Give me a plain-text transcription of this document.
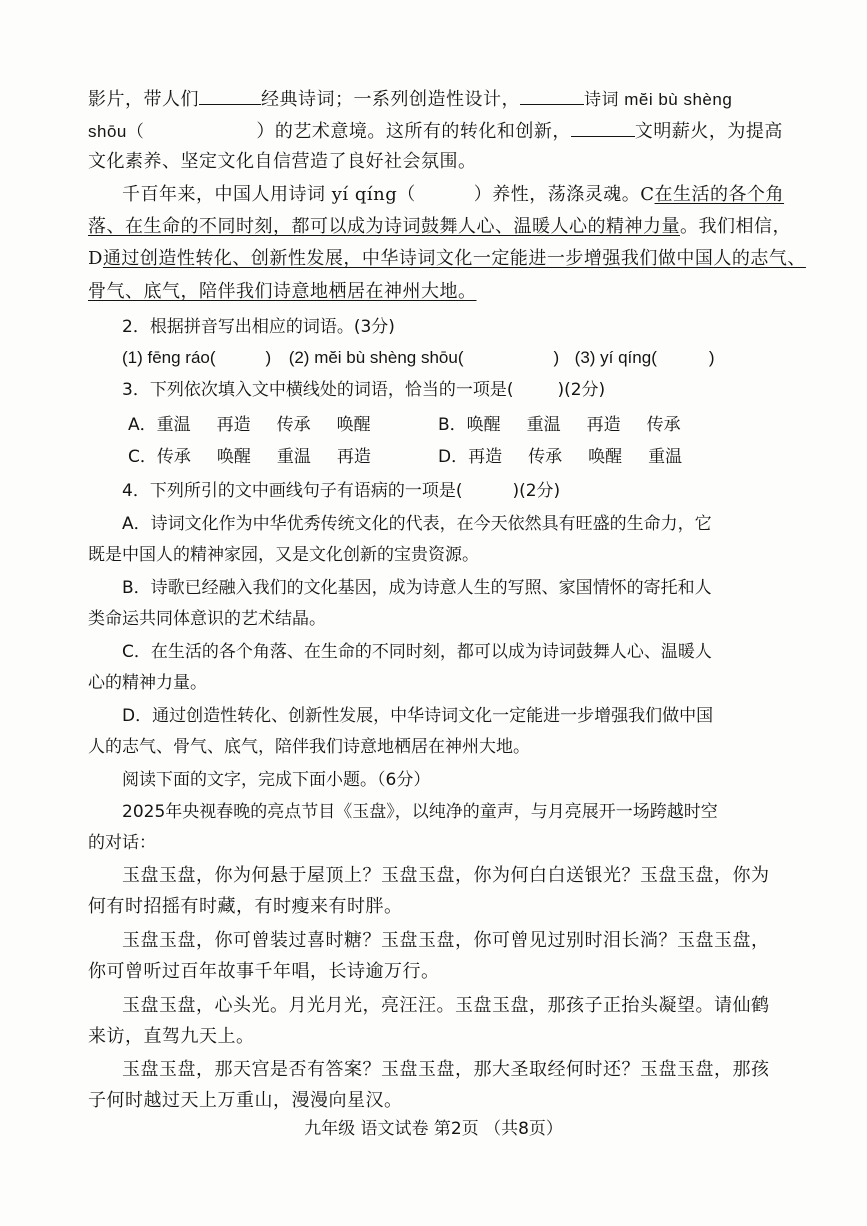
影片，带人们	经典诗词；一系列创造性设计，	诗词 mĕi bù shèng
shōu（	）的艺术意境。这所有的转化和创新，	文明薪火，为提高
文化素养、坚定文化自信营造了良好社会氛围。
千百年来，中国人用诗词 yí qíng（	）养性，荡涤灵魂。C在生活的各个角
落、在生命的不同时刻，都可以成为诗词鼓舞人心、温暖人心的精神力量。我们相信，
D通过创造性转化、创新性发展，中华诗词文化一定能进一步增强我们做中国人的志气、
骨气、底气，陪伴我们诗意地栖居在神州大地。
2．根据拼音写出相应的词语。(3分)
(1) fēng ráo(	) (2) mĕi bù shèng shōu(	) (3) yí qíng(	)
3．下列依次填入文中横线处的词语，恰当的一项是(	)(2分)
A．重温 再造 传承 唤醒	B．唤醒 重温 再造 传承
C．传承 唤醒 重温 再造	D．再造 传承 唤醒 重温
4．下列所引的文中画线句子有语病的一项是(	)(2分)
A．诗词文化作为中华优秀传统文化的代表，在今天依然具有旺盛的生命力，它
既是中国人的精神家园，又是文化创新的宝贵资源。
B．诗歌已经融入我们的文化基因，成为诗意人生的写照、家国情怀的寄托和人
类命运共同体意识的艺术结晶。
C．在生活的各个角落、在生命的不同时刻，都可以成为诗词鼓舞人心、温暖人
心的精神力量。
D．通过创造性转化、创新性发展，中华诗词文化一定能进一步增强我们做中国
人的志气、骨气、底气，陪伴我们诗意地栖居在神州大地。
阅读下面的文字，完成下面小题。（6分）
2025年央视春晚的亮点节目《玉盘》，以纯净的童声，与月亮展开一场跨越时空
的对话：
玉盘玉盘，你为何悬于屋顶上？玉盘玉盘，你为何白白送银光？玉盘玉盘，你为
何有时招摇有时藏，有时瘦来有时胖。
玉盘玉盘，你可曾装过喜时糖？玉盘玉盘，你可曾见过别时泪长淌？玉盘玉盘，
你可曾听过百年故事千年唱，长诗逾万行。
玉盘玉盘，心头光。月光月光，亮汪汪。玉盘玉盘，那孩子正抬头凝望。请仙鹤
来访，直驾九天上。
玉盘玉盘，那天宫是否有答案？玉盘玉盘，那大圣取经何时还？玉盘玉盘，那孩
子何时越过天上万重山，漫漫向星汉。
九年级 语文试卷 第2页 （共8页）
